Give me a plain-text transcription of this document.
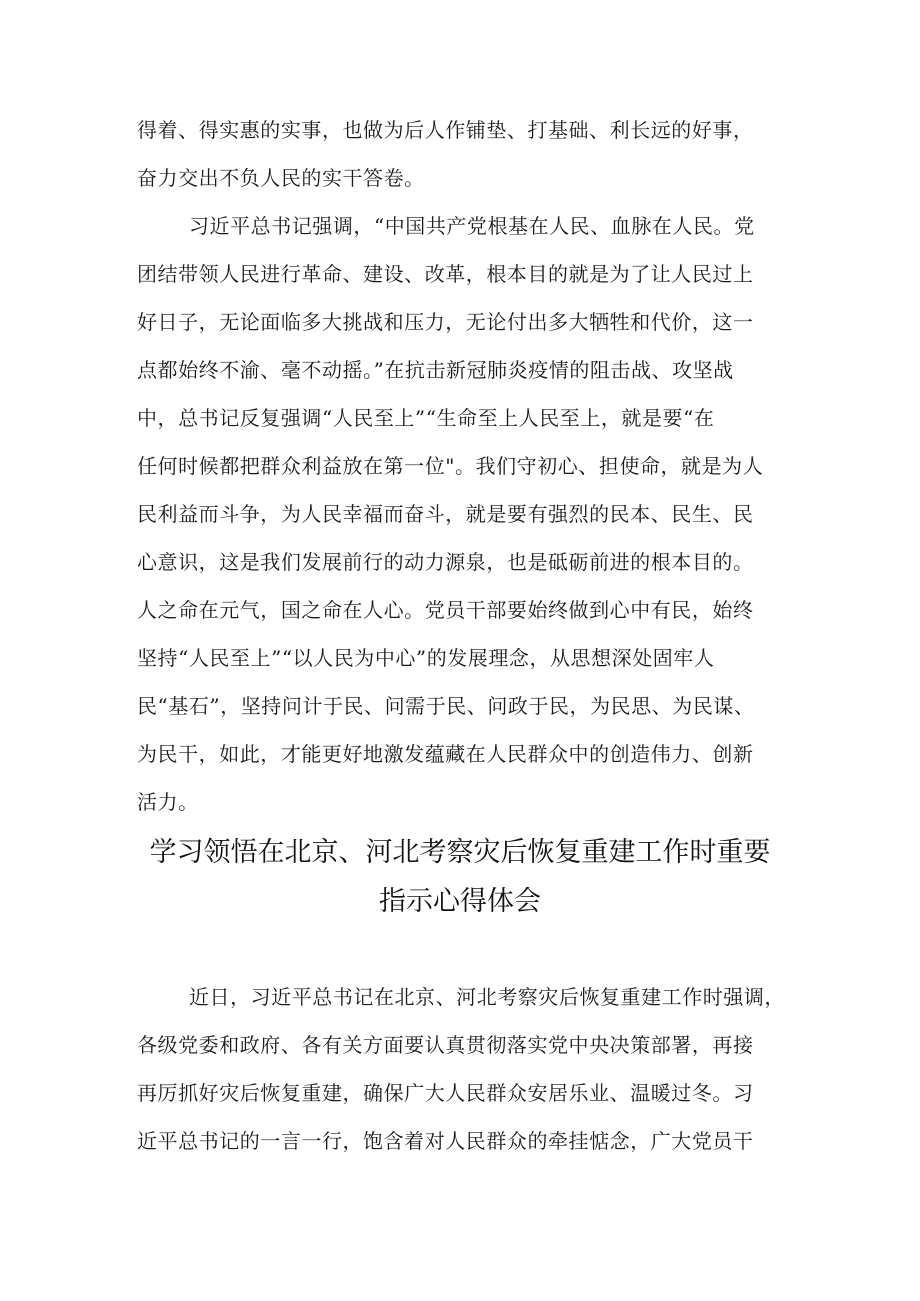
得着、得实惠的实事，也做为后人作铺垫、打基础、利长远的好事，
奋力交出不负人民的实干答卷。
习近平总书记强调，“中国共产党根基在人民、血脉在人民。党
团结带领人民进行革命、建设、改革，根本目的就是为了让人民过上
好日子，无论面临多大挑战和压力，无论付出多大牺牲和代价，这一
点都始终不渝、毫不动摇。”在抗击新冠肺炎疫情的阻击战、攻坚战
中，总书记反复强调“人民至上”“生命至上人民至上，就是要“在
任何时候都把群众利益放在第一位"。我们守初心、担使命，就是为人
民利益而斗争，为人民幸福而奋斗，就是要有强烈的民本、民生、民
心意识，这是我们发展前行的动力源泉，也是砥砺前进的根本目的。
人之命在元气，国之命在人心。党员干部要始终做到心中有民，始终
坚持“人民至上”“以人民为中心”的发展理念，从思想深处固牢人
民“基石”，坚持问计于民、问需于民、问政于民，为民思、为民谋、
为民干，如此，才能更好地激发蕴藏在人民群众中的创造伟力、创新
活力。
学习领悟在北京、河北考察灾后恢复重建工作时重要
指示心得体会
近日，习近平总书记在北京、河北考察灾后恢复重建工作时强调，
各级党委和政府、各有关方面要认真贯彻落实党中央决策部署，再接
再厉抓好灾后恢复重建，确保广大人民群众安居乐业、温暖过冬。习
近平总书记的一言一行，饱含着对人民群众的牵挂惦念，广大党员干
